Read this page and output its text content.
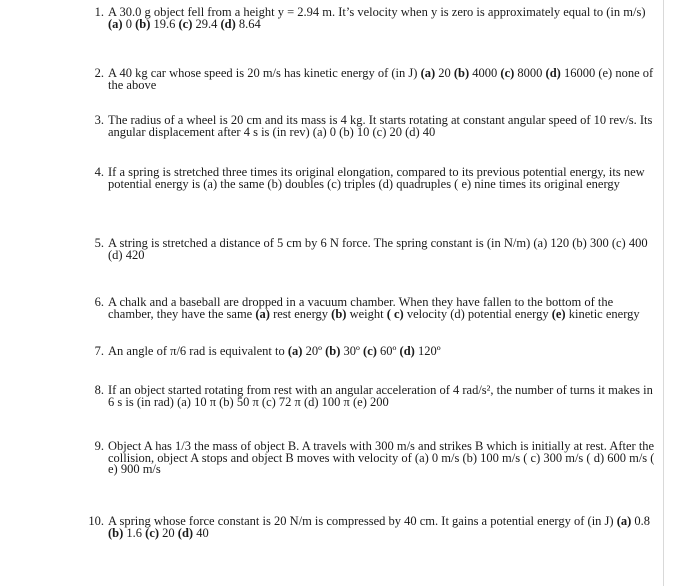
1. A 30.0 g object fell from a height y = 2.94 m. It’s velocity when y is zero is approximately equal to (in m/s) (a) 0 (b) 19.6 (c) 29.4 (d) 8.64
2. A 40 kg car whose speed is 20 m/s has kinetic energy of (in J) (a) 20 (b) 4000 (c) 8000 (d) 16000 (e) none of the above
3. The radius of a wheel is 20 cm and its mass is 4 kg. It starts rotating at constant angular speed of 10 rev/s. Its angular displacement after 4 s is (in rev) (a) 0 (b) 10 (c) 20 (d) 40
4. If a spring is stretched three times its original elongation, compared to its previous potential energy, its new potential energy is (a) the same (b) doubles (c) triples (d) quadruples ( e) nine times its original energy
5. A string is stretched a distance of 5 cm by 6 N force. The spring constant is (in N/m) (a) 120 (b) 300 (c) 400 (d) 420
6. A chalk and a baseball are dropped in a vacuum chamber. When they have fallen to the bottom of the chamber, they have the same (a) rest energy (b) weight ( c) velocity (d) potential energy (e) kinetic energy
7. An angle of π/6 rad is equivalent to (a) 20º (b) 30º (c) 60º (d) 120º
8. If an object started rotating from rest with an angular acceleration of 4 rad/s², the number of turns it makes in 6 s is (in rad) (a) 10 π (b) 50 π (c) 72 π (d) 100 π (e) 200
9. Object A has 1/3 the mass of object B. A travels with 300 m/s and strikes B which is initially at rest. After the collision, object A stops and object B moves with velocity of (a) 0 m/s (b) 100 m/s ( c) 300 m/s ( d) 600 m/s ( e) 900 m/s
10. A spring whose force constant is 20 N/m is compressed by 40 cm. It gains a potential energy of (in J) (a) 0.8 (b) 1.6 (c) 20 (d) 40
